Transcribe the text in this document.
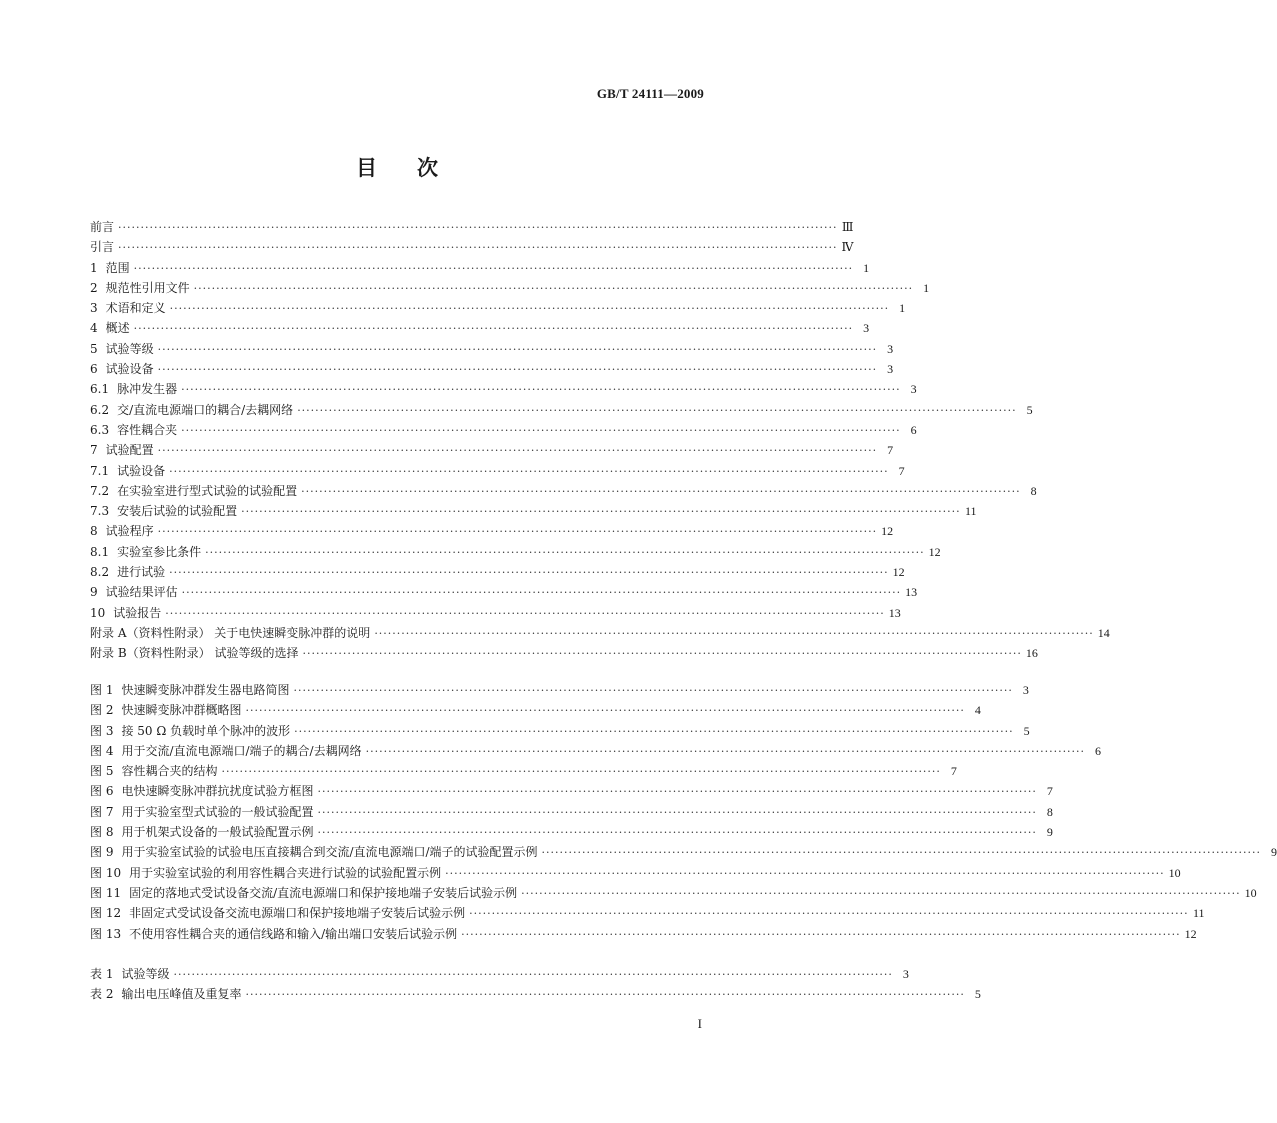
GB/T 24111—2009
目 次
前言 ································································································································································ Ⅲ
引言 ································································································································································ Ⅳ
1 范围 ································································································································································ 1
2 规范性引用文件 ································································································································································ 1
3 术语和定义 ································································································································································ 1
4 概述 ································································································································································ 3
5 试验等级 ································································································································································ 3
6 试验设备 ································································································································································ 3
6.1 脉冲发生器 ································································································································································ 3
6.2 交/直流电源端口的耦合/去耦网络 ································································································································································ 5
6.3 容性耦合夹 ································································································································································ 6
7 试验配置 ································································································································································ 7
7.1 试验设备 ································································································································································ 7
7.2 在实验室进行型式试验的试验配置 ································································································································································ 8
7.3 安装后试验的试验配置 ································································································································································ 11
8 试验程序 ································································································································································ 12
8.1 实验室参比条件 ································································································································································ 12
8.2 进行试验 ································································································································································ 12
9 试验结果评估 ································································································································································ 13
10 试验报告 ································································································································································ 13
附录 A（资料性附录） 关于电快速瞬变脉冲群的说明 ································································································································································ 14
附录 B（资料性附录） 试验等级的选择 ································································································································································ 16
图 1 快速瞬变脉冲群发生器电路简图 ································································································································································ 3
图 2 快速瞬变脉冲群概略图 ································································································································································ 4
图 3 接 50 Ω 负载时单个脉冲的波形 ································································································································································ 5
图 4 用于交流/直流电源端口/端子的耦合/去耦网络 ································································································································································ 6
图 5 容性耦合夹的结构 ································································································································································ 7
图 6 电快速瞬变脉冲群抗扰度试验方框图 ································································································································································ 7
图 7 用于实验室型式试验的一般试验配置 ································································································································································ 8
图 8 用于机架式设备的一般试验配置示例 ································································································································································ 9
图 9 用于实验室试验的试验电压直接耦合到交流/直流电源端口/端子的试验配置示例 ································································································································································ 9
图 10 用于实验室试验的利用容性耦合夹进行试验的试验配置示例 ································································································································································ 10
图 11 固定的落地式受试设备交流/直流电源端口和保护接地端子安装后试验示例 ································································································································································ 10
图 12 非固定式受试设备交流电源端口和保护接地端子安装后试验示例 ································································································································································ 11
图 13 不使用容性耦合夹的通信线路和输入/输出端口安装后试验示例 ································································································································································ 12
表 1 试验等级 ································································································································································ 3
表 2 输出电压峰值及重复率 ································································································································································ 5
I
